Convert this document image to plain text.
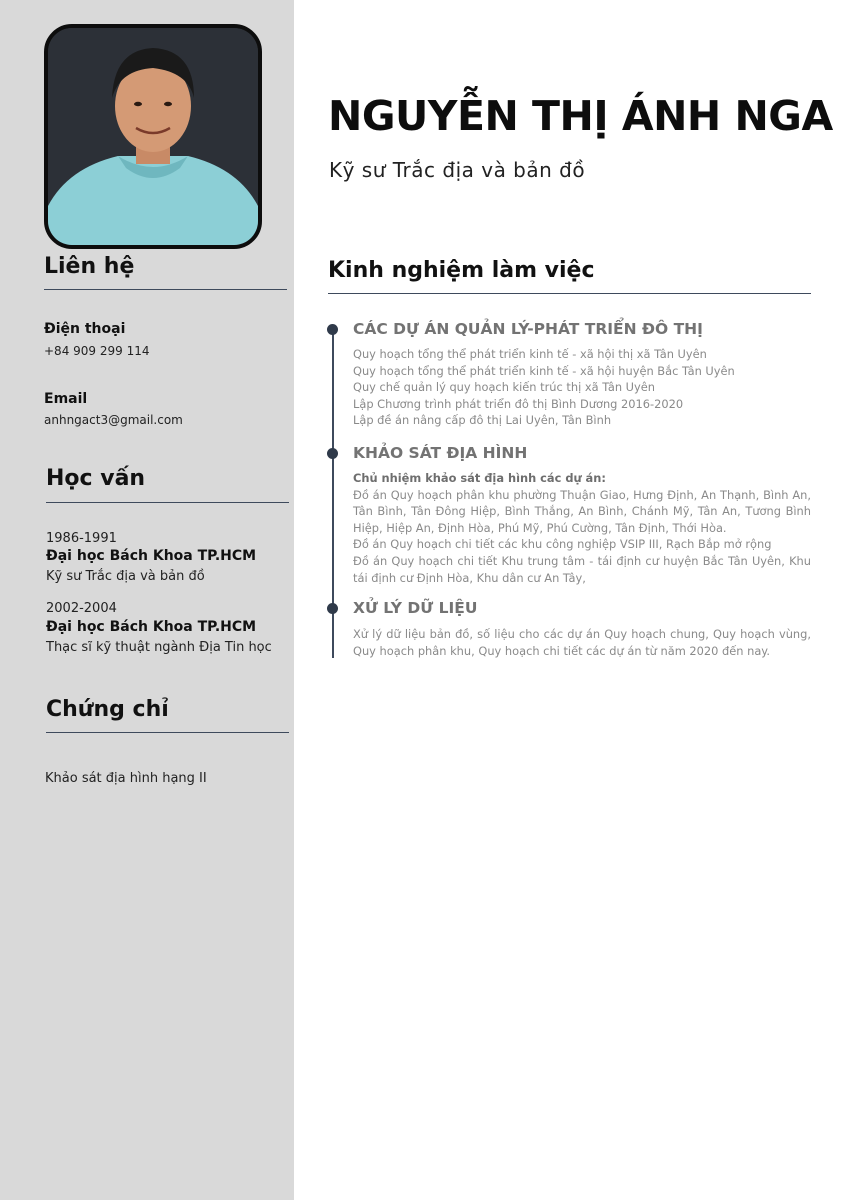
Liên hệ
Điện thoại
+84 909 299 114
Email
anhngact3@gmail.com
Học vấn
1986-1991
Đại học Bách Khoa TP.HCM
Kỹ sư Trắc địa và bản đồ
2002-2004
Đại học Bách Khoa TP.HCM
Thạc sĩ kỹ thuật ngành Địa Tin học
Chứng chỉ
Khảo sát địa hình hạng II
NGUYỄN THỊ ÁNH NGA
Kỹ sư Trắc địa và bản đồ
Kinh nghiệm làm việc
CÁC DỰ ÁN QUẢN LÝ-PHÁT TRIỂN ĐÔ THỊ
Quy hoạch tổng thể phát triển kinh tế - xã hội thị xã Tân Uyên
Quy hoạch tổng thể phát triển kinh tế - xã hội huyện Bắc Tân Uyên
Quy chế quản lý quy hoạch kiến trúc thị xã Tân Uyên
Lập Chương trình phát triển đô thị Bình Dương 2016-2020
Lập đề án nâng cấp đô thị Lai Uyên, Tân Bình
KHẢO SÁT ĐỊA HÌNH
Chủ nhiệm khảo sát địa hình các dự án:
Đồ án Quy hoạch phân khu phường Thuận Giao, Hưng Định, An Thạnh, Bình An, Tân Bình, Tân Đông Hiệp, Bình Thắng, An Bình, Chánh Mỹ, Tân An, Tương Bình Hiệp, Hiệp An, Định Hòa, Phú Mỹ, Phú Cường, Tân Định, Thới Hòa.
Đồ án Quy hoạch chi tiết các khu công nghiệp VSIP III, Rạch Bắp mở rộng
Đồ án Quy hoạch chi tiết Khu trung tâm - tái định cư huyện Bắc Tân Uyên, Khu tái định cư Định Hòa, Khu dân cư An Tây,
XỬ LÝ DỮ LIỆU
Xử lý dữ liệu bản đồ, số liệu cho các dự án Quy hoạch chung, Quy hoạch vùng, Quy hoạch phân khu, Quy hoạch chi tiết các dự án từ năm 2020 đến nay.
